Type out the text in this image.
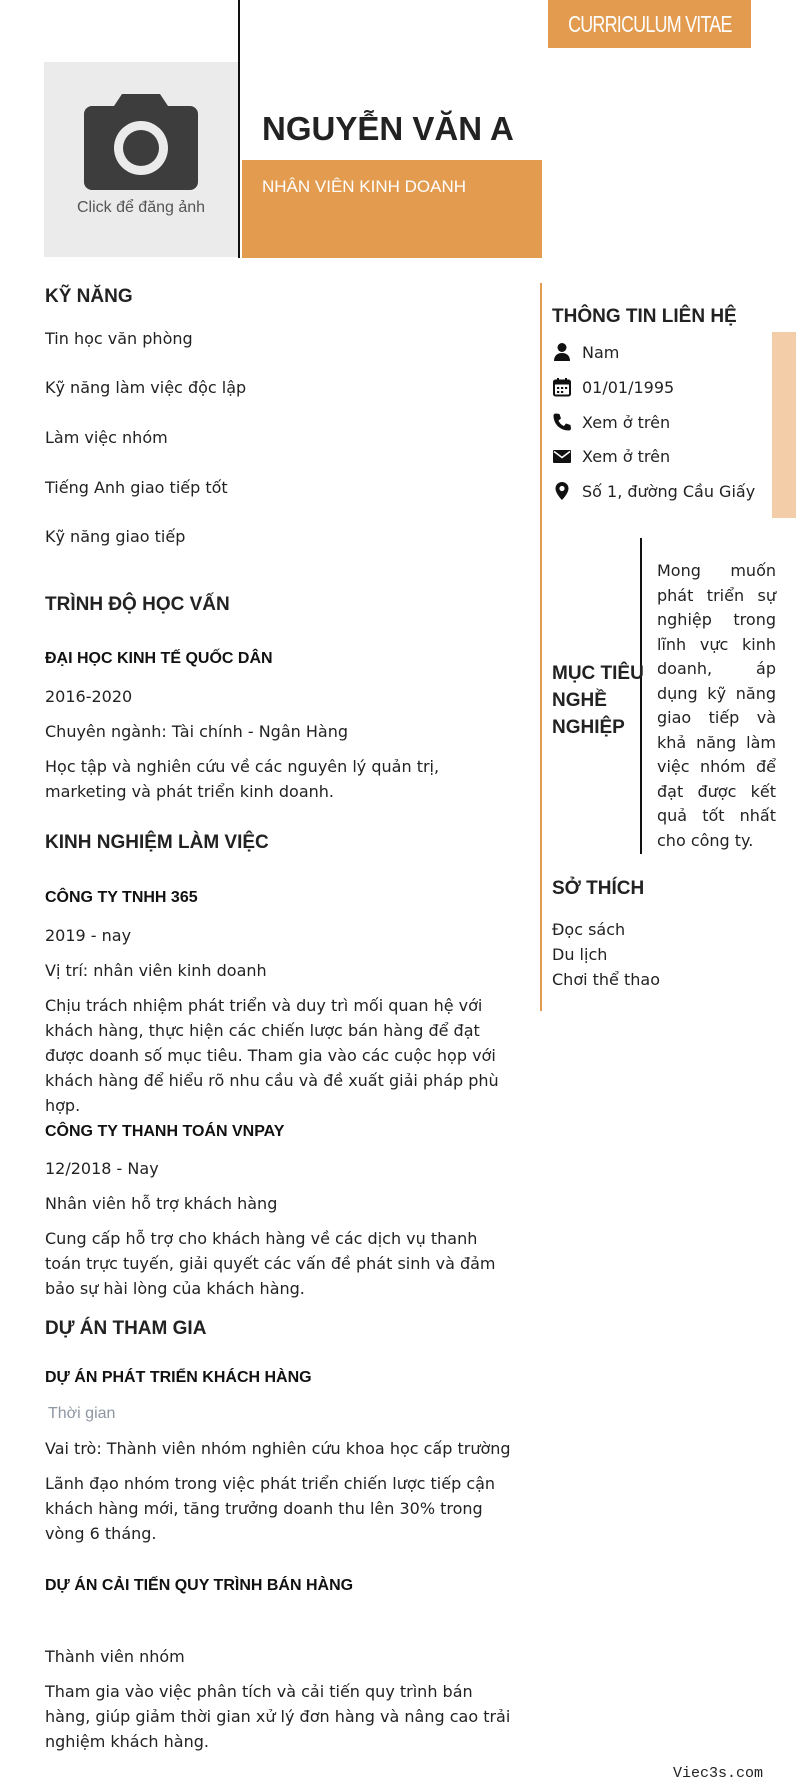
CURRICULUM VITAE
Click để đăng ảnh
NGUYỄN VĂN A
NHÂN VIÊN KINH DOANH
KỸ NĂNG
Tin học văn phòng
Kỹ năng làm việc độc lập
Làm việc nhóm
Tiếng Anh giao tiếp tốt
Kỹ năng giao tiếp
TRÌNH ĐỘ HỌC VẤN
ĐẠI HỌC KINH TẾ QUỐC DÂN
2016-2020
Chuyên ngành: Tài chính - Ngân Hàng
Học tập và nghiên cứu về các nguyên lý quản trị, marketing và phát triển kinh doanh.
KINH NGHIỆM LÀM VIỆC
CÔNG TY TNHH 365
2019 - nay
Vị trí: nhân viên kinh doanh
Chịu trách nhiệm phát triển và duy trì mối quan hệ với khách hàng, thực hiện các chiến lược bán hàng để đạt được doanh số mục tiêu. Tham gia vào các cuộc họp với khách hàng để hiểu rõ nhu cầu và đề xuất giải pháp phù hợp.
CÔNG TY THANH TOÁN VNPAY
12/2018 - Nay
Nhân viên hỗ trợ khách hàng
Cung cấp hỗ trợ cho khách hàng về các dịch vụ thanh toán trực tuyến, giải quyết các vấn đề phát sinh và đảm bảo sự hài lòng của khách hàng.
DỰ ÁN THAM GIA
DỰ ÁN PHÁT TRIỂN KHÁCH HÀNG
Thời gian
Vai trò: Thành viên nhóm nghiên cứu khoa học cấp trường
Lãnh đạo nhóm trong việc phát triển chiến lược tiếp cận khách hàng mới, tăng trưởng doanh thu lên 30% trong vòng 6 tháng.
DỰ ÁN CẢI TIẾN QUY TRÌNH BÁN HÀNG
Thành viên nhóm
Tham gia vào việc phân tích và cải tiến quy trình bán hàng, giúp giảm thời gian xử lý đơn hàng và nâng cao trải nghiệm khách hàng.
THÔNG TIN LIÊN HỆ
Nam
01/01/1995
Xem ở trên
Xem ở trên
Số 1, đường Cầu Giấy
MỤC TIÊU NGHỀ NGHIỆP
Mong muốn phát triển sự nghiệp trong lĩnh vực kinh doanh, áp dụng kỹ năng giao tiếp và khả năng làm việc nhóm để đạt được kết quả tốt nhất cho công ty.
SỞ THÍCH
Đọc sách
Du lịch
Chơi thể thao
Viec3s.com
